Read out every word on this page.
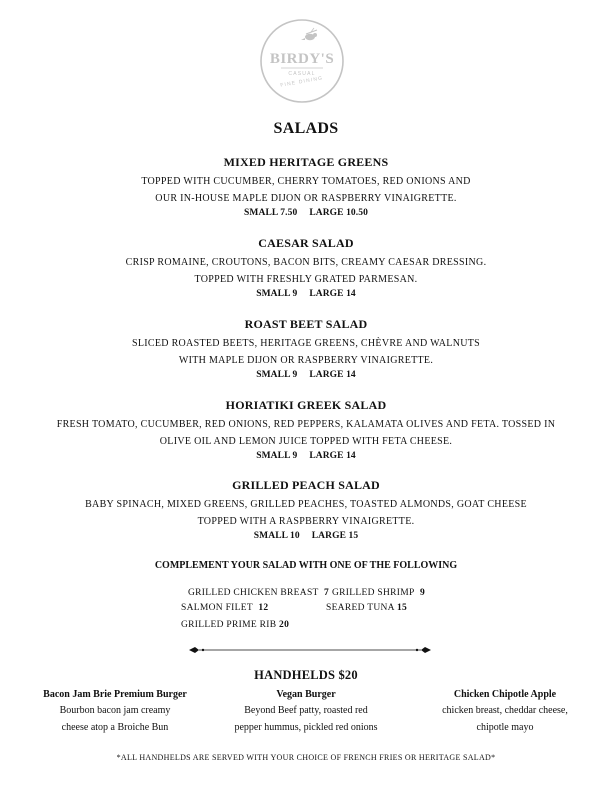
BIRDY'S
CASUAL
FINE DINING
SALADS
MIXED HERITAGE GREENS
TOPPED WITH CUCUMBER, CHERRY TOMATOES, RED ONIONS AND
OUR IN-HOUSE MAPLE DIJON OR RASPBERRY VINAIGRETTE.
SMALL 7.50 LARGE 10.50
CAESAR SALAD
CRISP ROMAINE, CROUTONS, BACON BITS, CREAMY CAESAR DRESSING.
TOPPED WITH FRESHLY GRATED PARMESAN.
SMALL 9 LARGE 14
ROAST BEET SALAD
SLICED ROASTED BEETS, HERITAGE GREENS, CHÈVRE AND WALNUTS
WITH MAPLE DIJON OR RASPBERRY VINAIGRETTE.
SMALL 9 LARGE 14
HORIATIKI GREEK SALAD
FRESH TOMATO, CUCUMBER, RED ONIONS, RED PEPPERS, KALAMATA OLIVES AND FETA. TOSSED IN
OLIVE OIL AND LEMON JUICE TOPPED WITH FETA CHEESE.
SMALL 9 LARGE 14
GRILLED PEACH SALAD
BABY SPINACH, MIXED GREENS, GRILLED PEACHES, TOASTED ALMONDS, GOAT CHEESE
TOPPED WITH A RASPBERRY VINAIGRETTE.
SMALL 10 LARGE 15
COMPLEMENT YOUR SALAD WITH ONE OF THE FOLLOWING
GRILLED CHICKEN BREAST 7 GRILLED SHRIMP 9
SALMON FILET 12	SEARED TUNA 15
GRILLED PRIME RIB 20
HANDHELDS $20
Bacon Jam Brie Premium Burger
Bourbon bacon jam creamy
cheese atop a Broiche Bun
Vegan Burger
Beyond Beef patty, roasted red
pepper hummus, pickled red onions
Chicken Chipotle Apple
chicken breast, cheddar cheese,
chipotle mayo
*ALL HANDHELDS ARE SERVED WITH YOUR CHOICE OF FRENCH FRIES OR HERITAGE SALAD*
